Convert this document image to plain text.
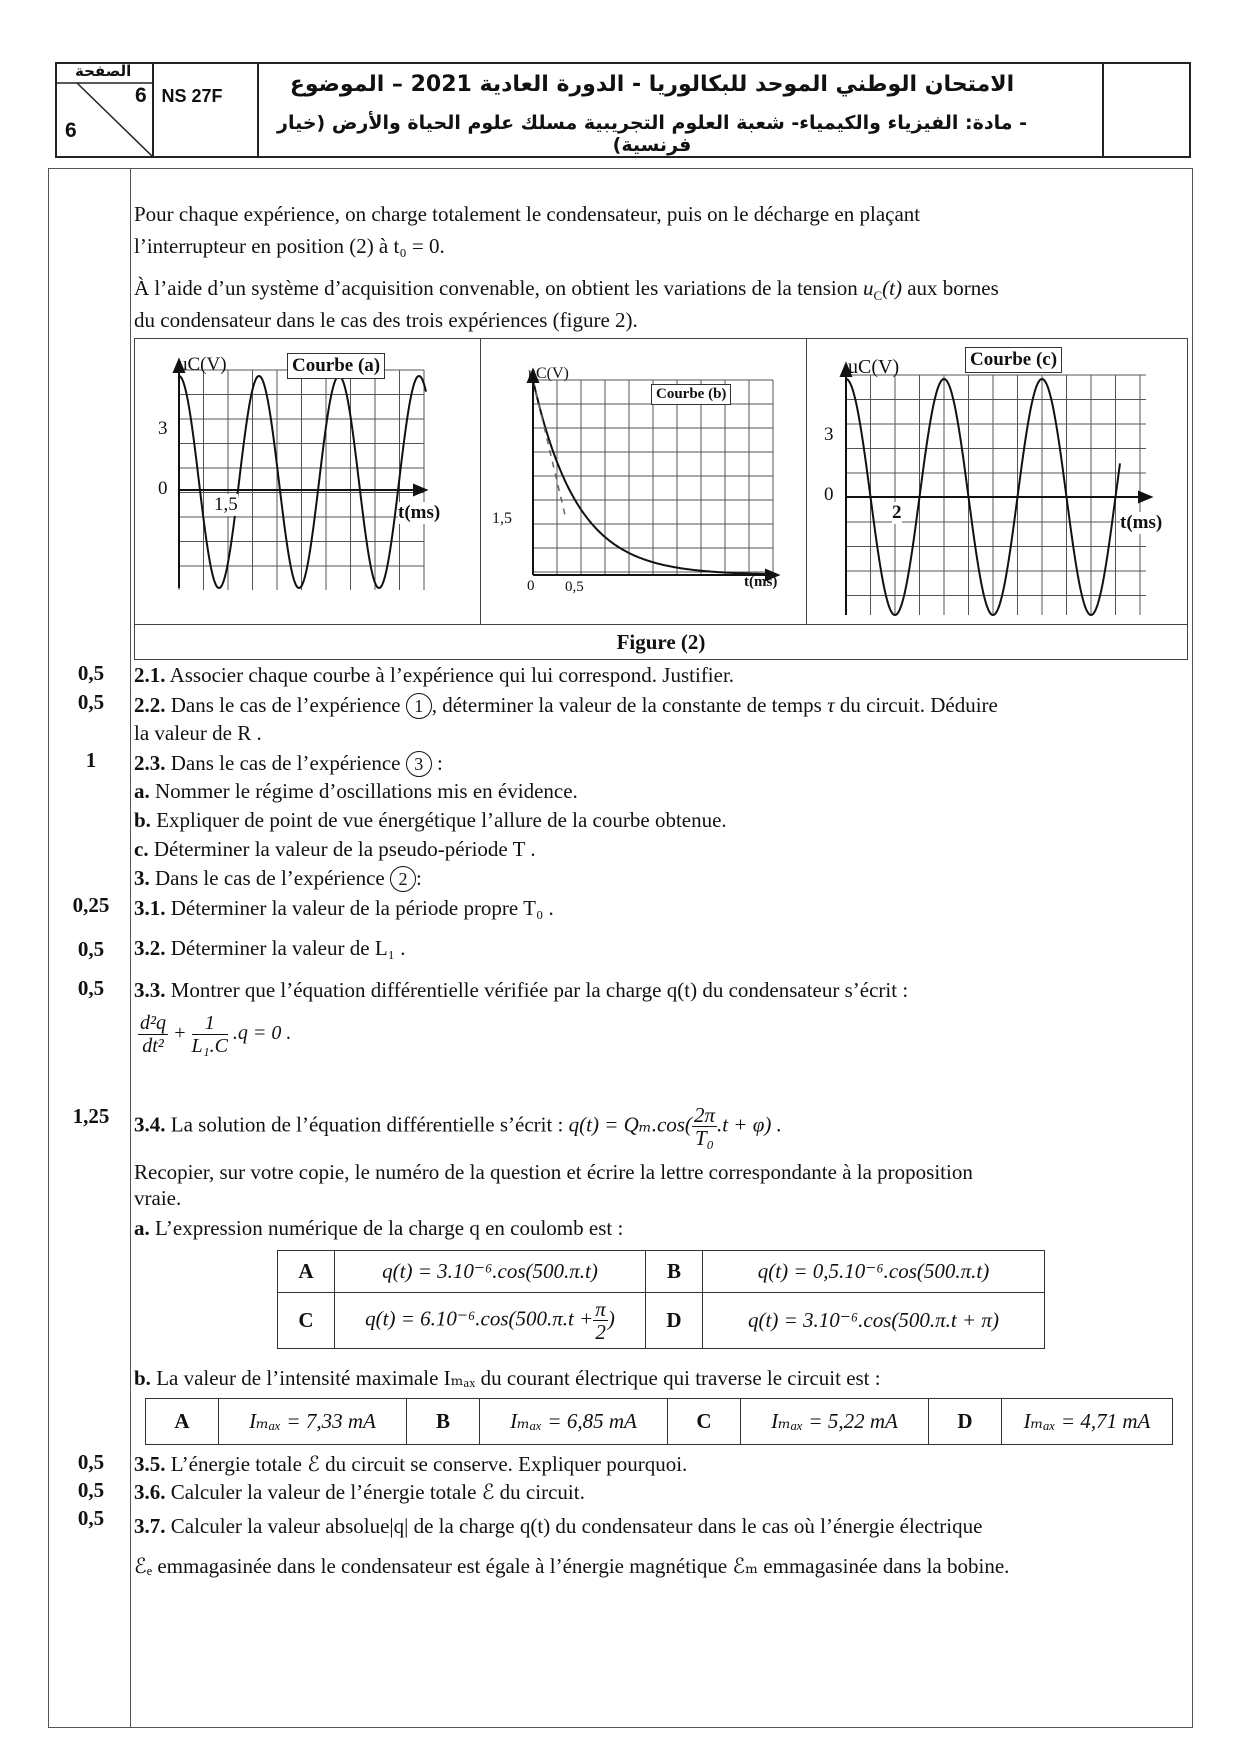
الصفحة
6
6
NS 27F	الامتحان الوطني الموحد للبكالوريا - الدورة العادية 2021 – الموضوع
- مادة: الفيزياء والكيمياء- شعبة العلوم التجريبية مسلك علوم الحياة والأرض (خيار فرنسية)
Pour chaque expérience, on charge totalement le condensateur, puis on le décharge en plaçant
l’interrupteur en position (2) à t₀ = 0.
À l’aide d’un système d’acquisition convenable, on obtient les variations de la tension $u_C(t)$ aux bornes
du condensateur dans le cas des trois expériences (figure 2).
Figure (2)
uC(V)	Courbe (a)
3
0
1,5	t(ms)
uC(V)
Courbe (b)
1,5
0 0,5	t(ms)
uC(V)	Courbe (c)
3
0
2	t(ms)
0,5	2.1. Associer chaque courbe à l’expérience qui lui correspond. Justifier.
0,5	2.2. Dans le cas de l’expérience 1 , déterminer la valeur de la constante de temps τ du circuit. Déduire
la valeur de R .
1	2.3. Dans le cas de l’expérience 3 :
a. Nommer le régime d’oscillations mis en évidence.
b. Expliquer de point de vue énergétique l’allure de la courbe obtenue.
c. Déterminer la valeur de la pseudo-période T .
3. Dans le cas de l’expérience 2 :
0,25	3.1. Déterminer la valeur de la période propre T₀ .
0,5	3.2. Déterminer la valeur de L₁ .
0,5	3.3. Montrer que l’équation différentielle vérifiée par la charge q(t) du condensateur s’écrit :
$\frac{\text{d²q}}{\text{dt²}} + \frac{1}{\text{L₁.C}} .q = 0$ .
1,25	3.4. La solution de l’équation différentielle s’écrit : $q(t) = Q_m.\cos( \frac{2\pi}{\text{T₀}} .t + \varphi)$ .
Recopier, sur votre copie, le numéro de la question et écrire la lettre correspondante à la proposition
vraie.
a. L’expression numérique de la charge q en coulomb est :
A	q(t) = 3.10⁻⁶.cos(500.π.t)	B	q(t) = 0,5.10⁻⁶.cos(500.π.t)
C	$q(t) = 6.10^{-6}.\cos(500.\pi.t + \frac{\pi}{2}$ )	D	q(t) = 3.10⁻⁶.cos(500.π.t + π)
b. La valeur de l’intensité maximale Iₘₐₓ du courant électrique qui traverse le circuit est :
A	Iₘₐₓ = 7,33 mA	B	Iₘₐₓ = 6,85 mA	C	Iₘₐₓ = 5,22 mA	D	Iₘₐₓ = 4,71 mA
0,5	3.5. L’énergie totale ℰ du circuit se conserve. Expliquer pourquoi.
0,5	3.6. Calculer la valeur de l’énergie totale ℰ du circuit.
0,5	3.7. Calculer la valeur absolue|q| de la charge q(t) du condensateur dans le cas où l’énergie électrique
ℰₑ emmagasinée dans le condensateur est égale à l’énergie magnétique ℰₘ emmagasinée dans la bobine.
